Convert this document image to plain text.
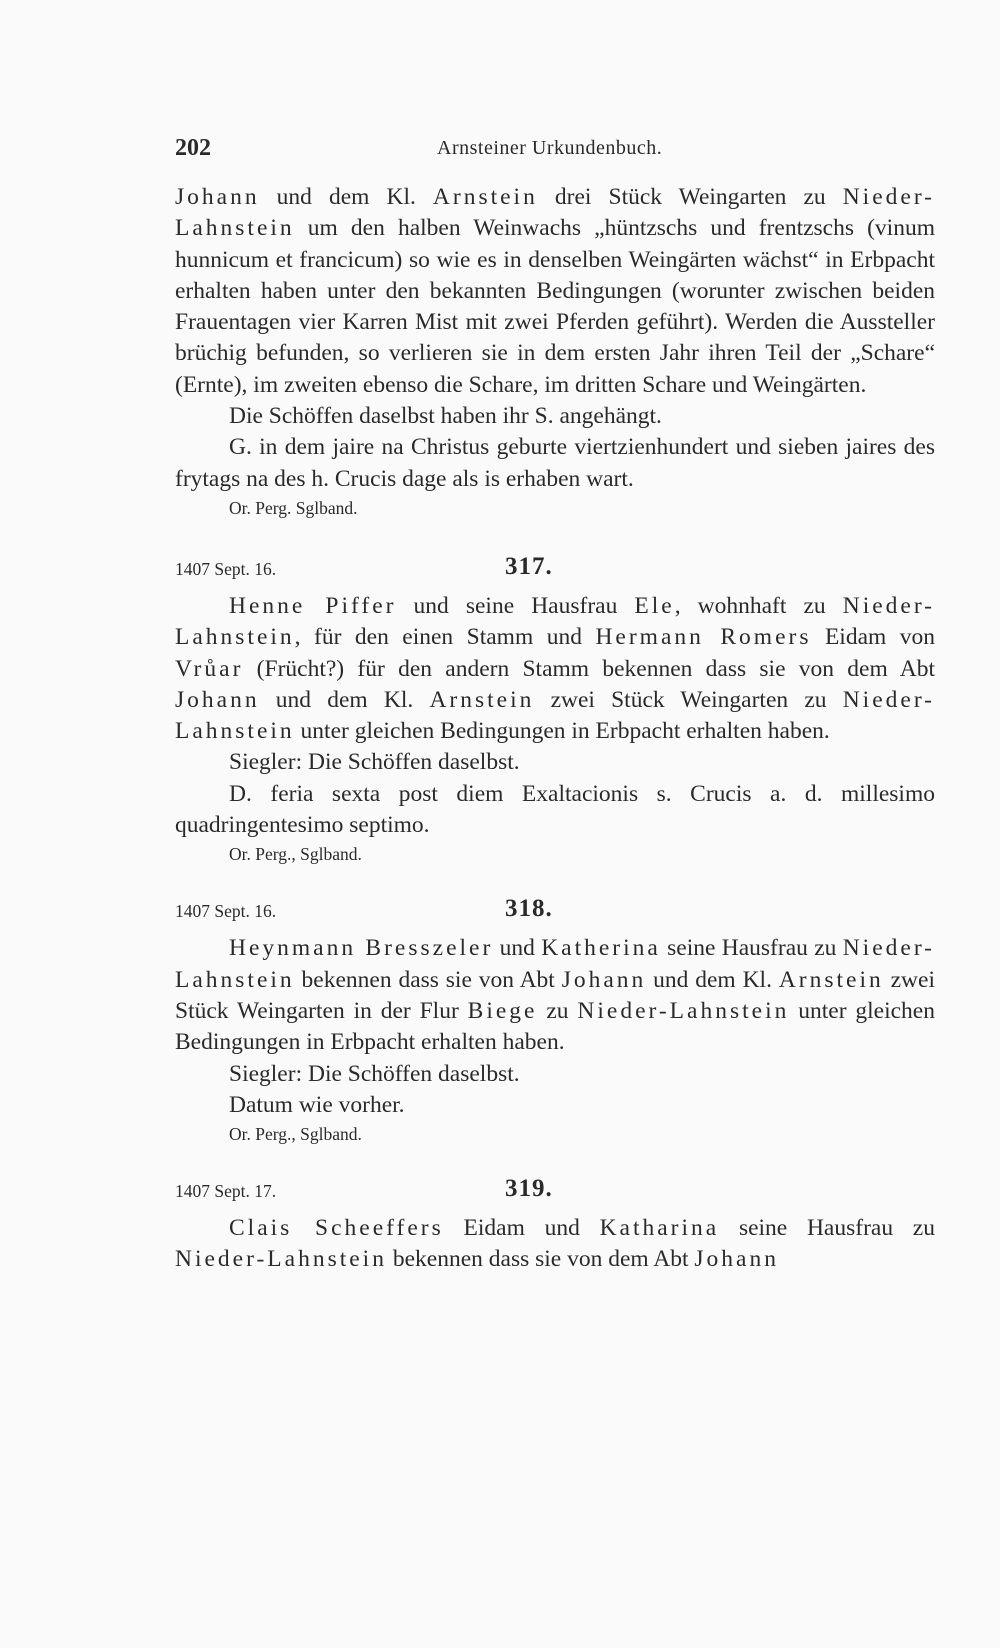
202	Arnsteiner Urkundenbuch.

Johann und dem Kl. Arnstein drei Stück Weingarten zu Nieder-Lahnstein um den halben Weinwachs „hüntzschs und frentzschs (vinum hunnicum et francicum) so wie es in denselben Weingärten wächst“ in Erbpacht erhalten haben unter den bekannten Bedingungen (worunter zwischen beiden Frauentagen vier Karren Mist mit zwei Pferden geführt). Werden die Aussteller brüchig befunden, so verlieren sie in dem ersten Jahr ihren Teil der „Schare“ (Ernte), im zweiten ebenso die Schare, im dritten Schare und Weingärten.

Die Schöffen daselbst haben ihr S. angehängt.

G. in dem jaire na Christus geburte viertzienhundert und sieben jaires des frytags na des h. Crucis dage als is erhaben wart.

Or. Perg. Sglband.

1407 Sept. 16.	317.

Henne Piffer und seine Hausfrau Ele, wohnhaft zu Nieder-Lahnstein, für den einen Stamm und Hermann Romers Eidam von Vrůar (Frücht?) für den andern Stamm bekennen dass sie von dem Abt Johann und dem Kl. Arnstein zwei Stück Weingarten zu Nieder-Lahnstein unter gleichen Bedingungen in Erbpacht erhalten haben.

Siegler: Die Schöffen daselbst.

D. feria sexta post diem Exaltacionis s. Crucis a. d. millesimo quadringentesimo septimo.

Or. Perg., Sglband.

1407 Sept. 16.	318.

Heynmann Bresszeler und Katherina seine Hausfrau zu Nieder-Lahnstein bekennen dass sie von Abt Johann und dem Kl. Arnstein zwei Stück Weingarten in der Flur Biege zu Nieder-Lahnstein unter gleichen Bedingungen in Erbpacht erhalten haben.

Siegler: Die Schöffen daselbst.

Datum wie vorher.

Or. Perg., Sglband.

1407 Sept. 17.	319.

Clais Scheeffers Eidam und Katharina seine Hausfrau zu Nieder-Lahnstein bekennen dass sie von dem Abt Johann
